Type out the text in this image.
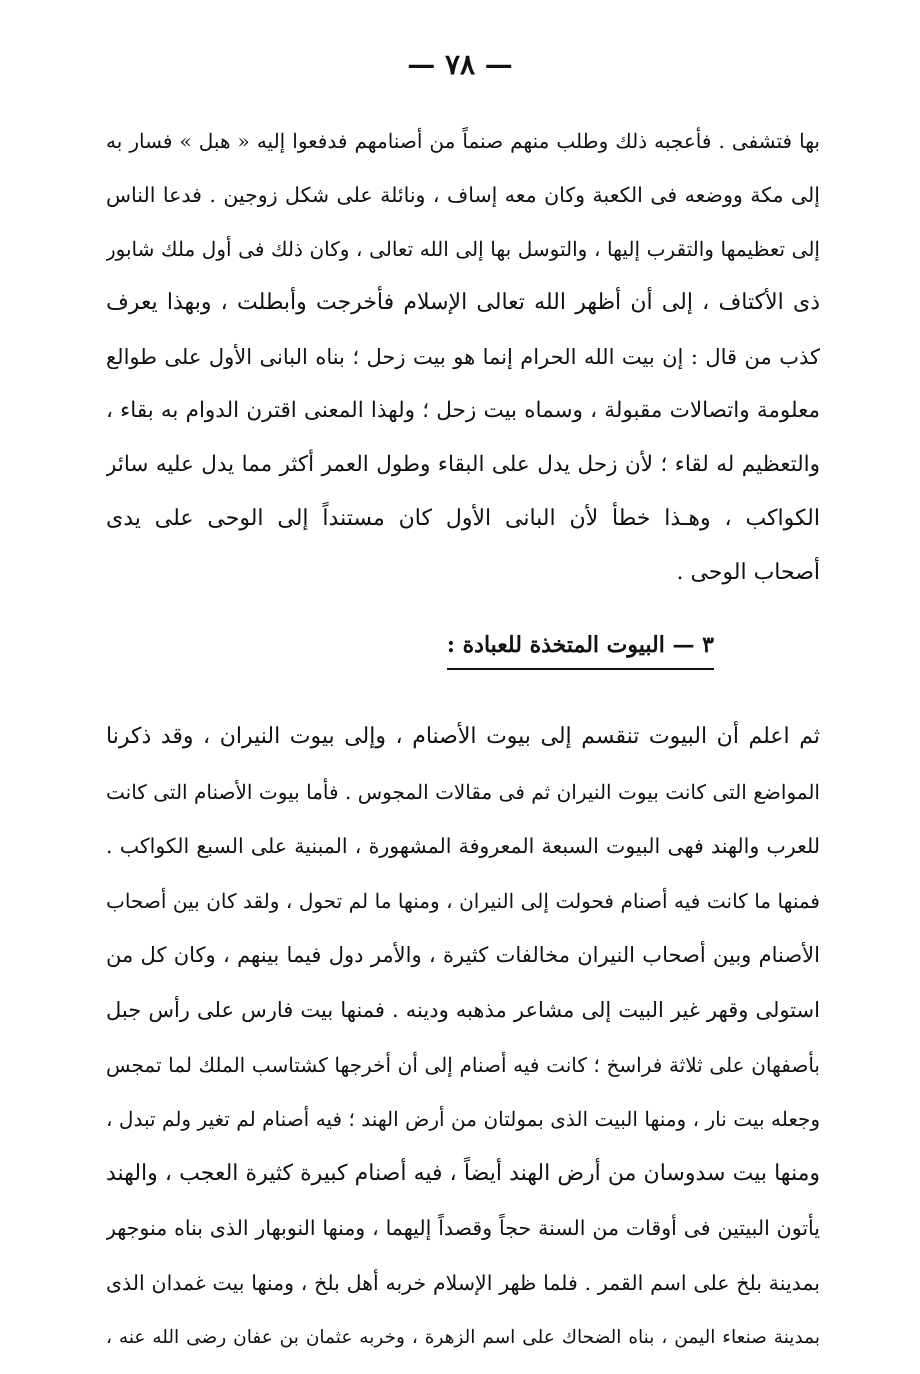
— ٧٨ —
بها فتشفى . فأعجبه ذلك وطلب منهم صنماً من أصنامهم فدفعوا إليه « هبل » فسار به
إلى مكة ووضعه فى الكعبة وكان معه إساف ، ونائلة على شكل زوجين . فدعا الناس
إلى تعظيمها والتقرب إليها ، والتوسل بها إلى الله تعالى ، وكان ذلك فى أول ملك شابور
ذى الأكتاف ، إلى أن أظهر الله تعالى الإسلام فأخرجت وأبطلت ، وبهذا يعرف
كذب من قال : إن بيت الله الحرام إنما هو بيت زحل ؛ بناه البانى الأول على طوالع
معلومة واتصالات مقبولة ، وسماه بيت زحل ؛ ولهذا المعنى اقترن الدوام به بقاء ،
والتعظيم له لقاء ؛ لأن زحل يدل على البقاء وطول العمر أكثر مما يدل عليه سائر
الكواكب ، وهـذا خطأ لأن البانى الأول كان مستنداً إلى الوحى على يدى
أصحاب الوحى .
٣ — البيوت المتخذة للعبادة :
ثم اعلم أن البيوت تنقسم إلى بيوت الأصنام ، وإلى بيوت النيران ، وقد ذكرنا
المواضع التى كانت بيوت النيران ثم فى مقالات المجوس . فأما بيوت الأصنام التى كانت
للعرب والهند فهى البيوت السبعة المعروفة المشهورة ، المبنية على السبع الكواكب .
فمنها ما كانت فيه أصنام فحولت إلى النيران ، ومنها ما لم تحول ، ولقد كان بين أصحاب
الأصنام وبين أصحاب النيران مخالفات كثيرة ، والأمر دول فيما بينهم ، وكان كل من
استولى وقهر غير البيت إلى مشاعر مذهبه ودينه . فمنها بيت فارس على رأس جبل
بأصفهان على ثلاثة فراسخ ؛ كانت فيه أصنام إلى أن أخرجها كشتاسب الملك لما تمجس
وجعله بيت نار ، ومنها البيت الذى بمولتان من أرض الهند ؛ فيه أصنام لم تغير ولم تبدل ،
ومنها بيت سدوسان من أرض الهند أيضاً ، فيه أصنام كبيرة كثيرة العجب ، والهند
يأتون البيتين فى أوقات من السنة حجاً وقصداً إليهما ، ومنها النوبهار الذى بناه منوجهر
بمدينة بلخ على اسم القمر . فلما ظهر الإسلام خربه أهل بلخ ، ومنها بيت غمدان الذى
بمدينة صنعاء اليمن ، بناه الضحاك على اسم الزهرة ، وخربه عثمان بن عفان رضى الله عنه ،
